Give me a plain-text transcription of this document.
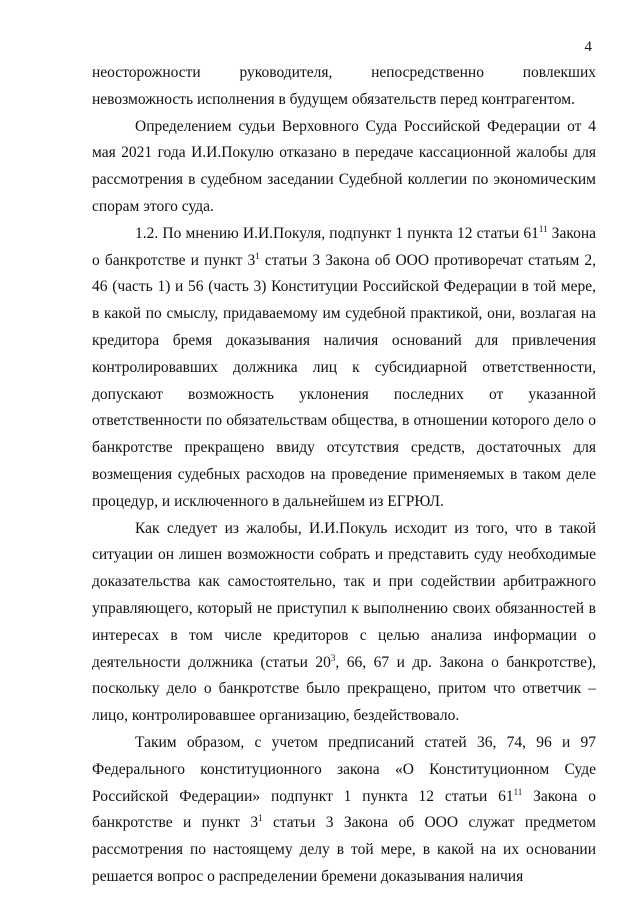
4

неосторожности руководителя, непосредственно повлекших невозможность исполнения в будущем обязательств перед контрагентом.

Определением судьи Верховного Суда Российской Федерации от 4 мая 2021 года И.И.Покулю отказано в передаче кассационной жалобы для рассмотрения в судебном заседании Судебной коллегии по экономическим спорам этого суда.

1.2. По мнению И.И.Покуля, подпункт 1 пункта 12 статьи $61^{11}$ Закона о банкротстве и пункт $3^1$ статьи 3 Закона об ООО противоречат статьям 2, 46 (часть 1) и 56 (часть 3) Конституции Российской Федерации в той мере, в какой по смыслу, придаваемому им судебной практикой, они, возлагая на кредитора бремя доказывания наличия оснований для привлечения контролировавших должника лиц к субсидиарной ответственности, допускают возможность уклонения последних от указанной ответственности по обязательствам общества, в отношении которого дело о банкротстве прекращено ввиду отсутствия средств, достаточных для возмещения судебных расходов на проведение применяемых в таком деле процедур, и исключенного в дальнейшем из ЕГРЮЛ.

Как следует из жалобы, И.И.Покуль исходит из того, что в такой ситуации он лишен возможности собрать и представить суду необходимые доказательства как самостоятельно, так и при содействии арбитражного управляющего, который не приступил к выполнению своих обязанностей в интересах в том числе кредиторов с целью анализа информации о деятельности должника (статьи $20^3$, 66, 67 и др. Закона о банкротстве), поскольку дело о банкротстве было прекращено, притом что ответчик – лицо, контролировавшее организацию, бездействовало.

Таким образом, с учетом предписаний статей 36, 74, 96 и 97 Федерального конституционного закона «О Конституционном Суде Российской Федерации» подпункт 1 пункта 12 статьи $61^{11}$ Закона о банкротстве и пункт $3^1$ статьи 3 Закона об ООО служат предметом рассмотрения по настоящему делу в той мере, в какой на их основании решается вопрос о распределении бремени доказывания наличия
